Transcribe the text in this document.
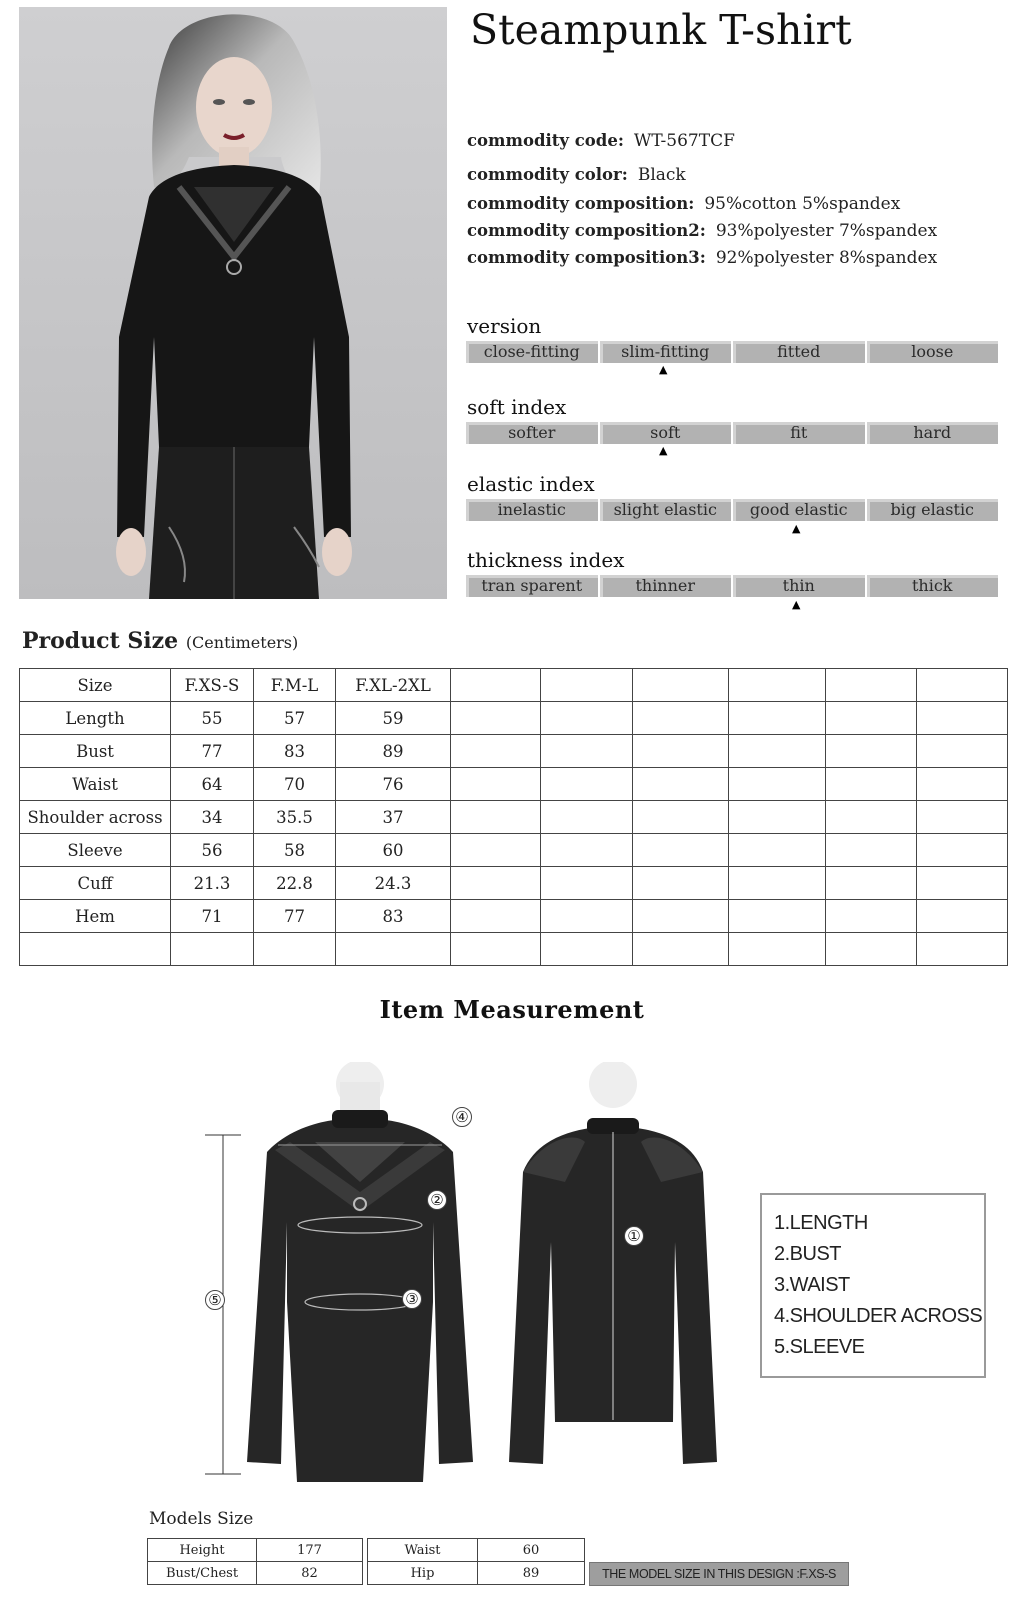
Steampunk T-shirt
commodity code: WT-567TCF
commodity color: Black
commodity composition: 95%cotton 5%spandex
commodity composition2: 93%polyester 7%spandex
commodity composition3: 92%polyester 8%spandex
version
close-fitting	slim-fitting	fitted	loose
▲
soft index
softer	soft	fit	hard
▲
elastic index
inelastic	slight elastic	good elastic	big elastic
▲
thickness index
tran sparent	thinner	thin	thick
▲
Product Size (Centimeters)
Size	F.XS-S	F.M-L	F.XL-2XL						
Length	55	57	59						
Bust	77	83	89						
Waist	64	70	76						
Shoulder across	34	35.5	37						
Sleeve	56	58	60						
Cuff	21.3	22.8	24.3						
Hem	71	77	83						

Item Measurement
④
②
③
⑤
①
1.LENGTH
2.BUST
3.WAIST
4.SHOULDER ACROSS
5.SLEEVE
Models Size
Height	177
Bust/Chest	82
Waist	60
Hip	89	THE MODEL SIZE IN THIS DESIGN :F.XS-S
